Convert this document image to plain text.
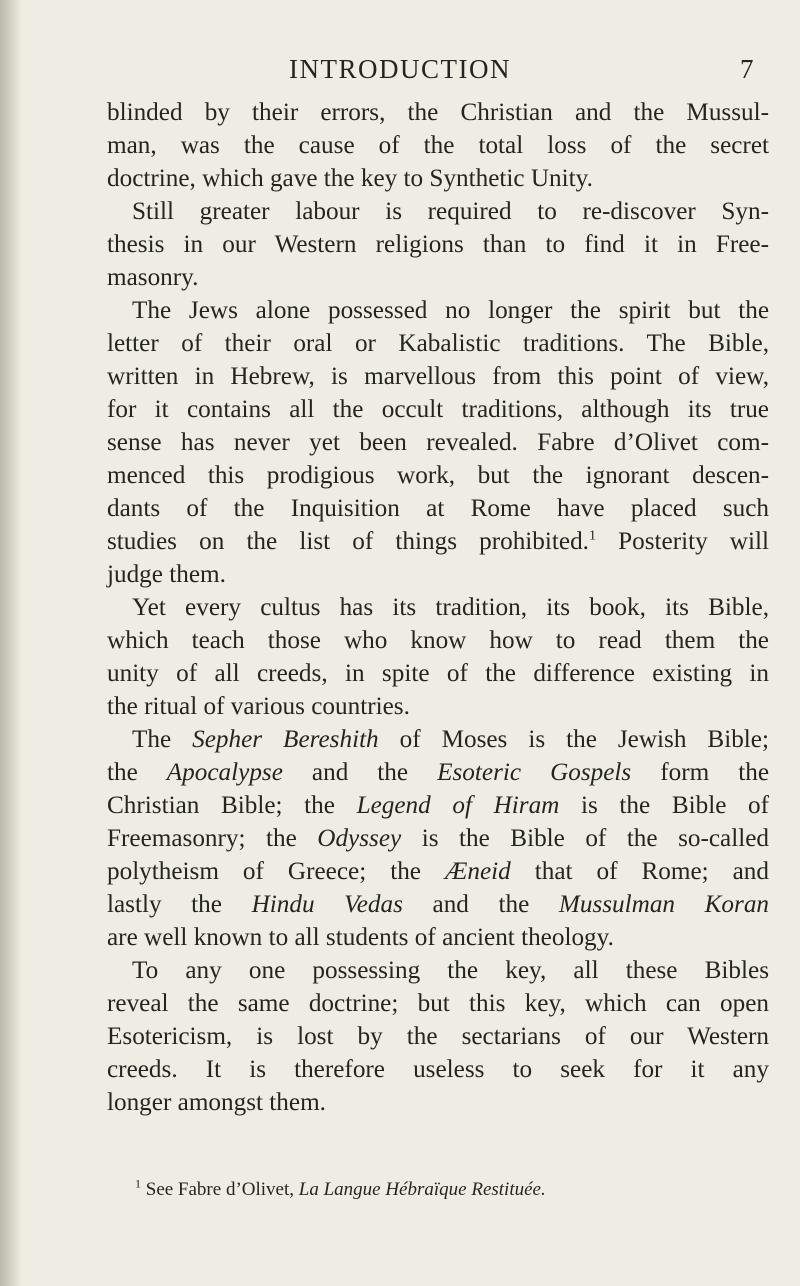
INTRODUCTION	7
blinded by their errors, the Christian and the Mussul-
man, was the cause of the total loss of the secret
doctrine, which gave the key to Synthetic Unity.
Still greater labour is required to re-discover Syn-
thesis in our Western religions than to find it in Free-
masonry.
The Jews alone possessed no longer the spirit but the
letter of their oral or Kabalistic traditions. The Bible,
written in Hebrew, is marvellous from this point of view,
for it contains all the occult traditions, although its true
sense has never yet been revealed. Fabre d’Olivet com-
menced this prodigious work, but the ignorant descen-
dants of the Inquisition at Rome have placed such
studies on the list of things prohibited.$^1$ Posterity will
judge them.
Yet every cultus has its tradition, its book, its Bible,
which teach those who know how to read them the
unity of all creeds, in spite of the difference existing in
the ritual of various countries.
The Sepher Bereshith of Moses is the Jewish Bible;
the Apocalypse and the Esoteric Gospels form the
Christian Bible; the Legend of Hiram is the Bible of
Freemasonry; the Odyssey is the Bible of the so-called
polytheism of Greece; the Æneid that of Rome; and
lastly the Hindu Vedas and the Mussulman Koran
are well known to all students of ancient theology.
To any one possessing the key, all these Bibles
reveal the same doctrine; but this key, which can open
Esotericism, is lost by the sectarians of our Western
creeds. It is therefore useless to seek for it any
longer amongst them.
$^1$ See Fabre d’Olivet, La Langue Hébraïque Restituée.
